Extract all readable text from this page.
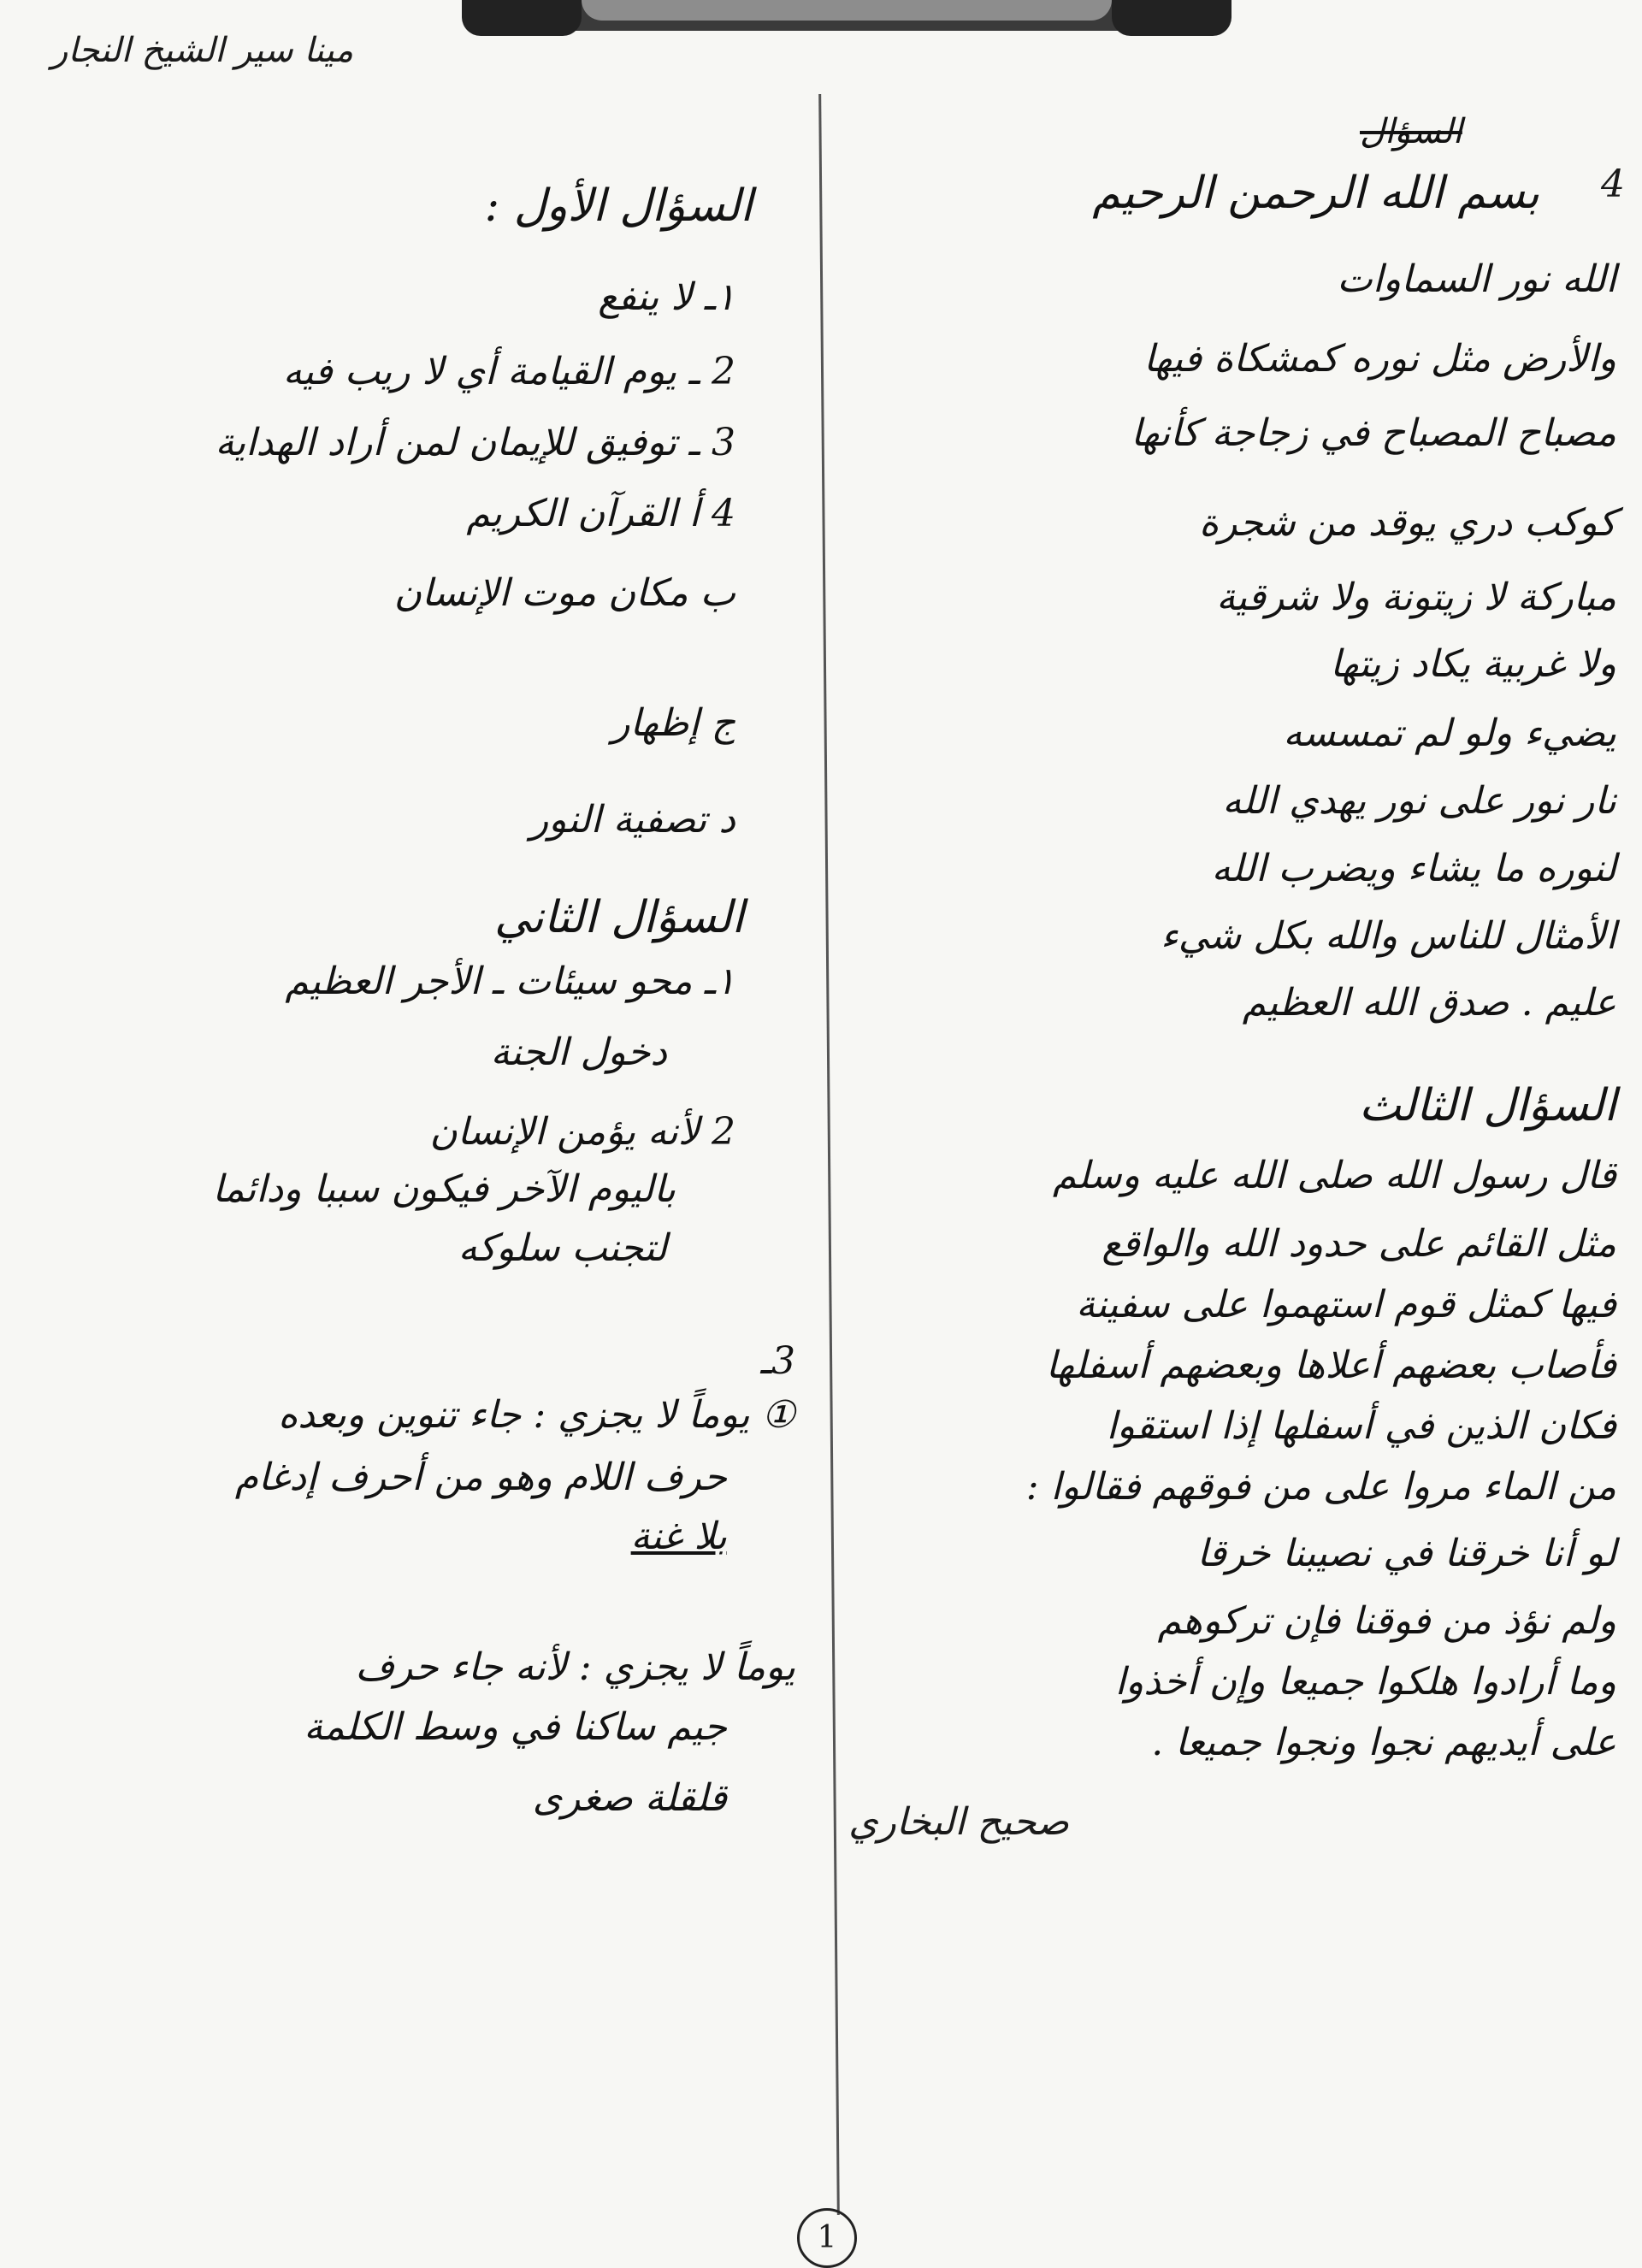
مينا سير الشيخ النجار
السؤال
4
بسم الله الرحمن الرحيم
الله نور السماوات
والأرض مثل نوره كمشكاة فيها
مصباح المصباح في زجاجة كأنها
كوكب دري يوقد من شجرة
مباركة لا زيتونة ولا شرقية
ولا غربية يكاد زيتها
يضيء ولو لم تمسسه
نار نور على نور يهدي الله
لنوره ما يشاء ويضرب الله
الأمثال للناس والله بكل شيء
عليم . صدق الله العظيم
السؤال الثالث
قال رسول الله صلى الله عليه وسلم
مثل القائم على حدود الله والواقع
فيها كمثل قوم استهموا على سفينة
فأصاب بعضهم أعلاها وبعضهم أسفلها
فكان الذين في أسفلها إذا استقوا
من الماء مروا على من فوقهم فقالوا :
لو أنا خرقنا في نصيبنا خرقا
ولم نؤذ من فوقنا فإن تركوهم
وما أرادوا هلكوا جميعا وإن أخذوا
على أيديهم نجوا ونجوا جميعا .
صحيح البخاري
السؤال الأول :
١ـ لا ينفع
2 ـ يوم القيامة أي لا ريب فيه
3 ـ توفيق للإيمان لمن أراد الهداية
4 أ القرآن الكريم
ب مكان موت الإنسان
ج إظهار
د تصفية النور
السؤال الثاني
١ـ محو سيئات ـ الأجر العظيم
دخول الجنة
2 لأنه يؤمن الإنسان
باليوم الآخر فيكون سببا ودائما
لتجنب سلوكه
3ـ
① يوماً لا يجزي : جاء تنوين وبعده
حرف اللام وهو من أحرف إدغام
بلا غنة
يوماً لا يجزي : لأنه جاء حرف
جيم ساكنا في وسط الكلمة
قلقلة صغرى
1
